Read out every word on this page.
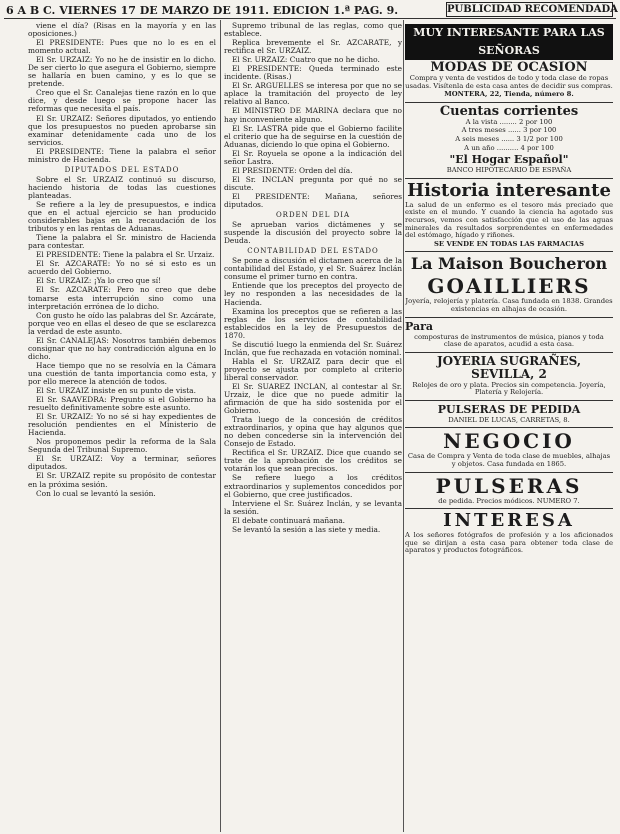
6 A B C. VIERNES 17 DE MARZO DE 1911. EDICION 1.ª PAG. 9.	PUBLICIDAD RECOMENDADA

viene el día? (Risas en la mayoría y en las oposiciones.)

El PRESIDENTE: Pues que no lo es en el momento actual.

El Sr. URZAIZ: Yo no he de insistir en lo dicho. De ser cierto lo que asegura el Gobierno, siempre se hallaría en buen camino, y es lo que se pretende.

Creo que el Sr. Canalejas tiene razón en lo que dice, y desde luego se propone hacer las reformas que necesita el país.

El Sr. URZAIZ: Señores diputados, yo entiendo que los presupuestos no pueden aprobarse sin examinar detenidamente cada uno de los servicios.

El PRESIDENTE: Tiene la palabra el señor ministro de Hacienda.

DIPUTADOS DEL ESTADO

Sobre el Sr. URZAIZ continuó su discurso, haciendo historia de todas las cuestiones planteadas.

Se refiere a la ley de presupuestos, e indica que en el actual ejercicio se han producido considerables bajas en la recaudación de los tributos y en las rentas de Aduanas.

Tiene la palabra el Sr. ministro de Hacienda para contestar.

El PRESIDENTE: Tiene la palabra el Sr. Urzaiz.

El Sr. AZCARATE: Yo no sé si esto es un acuerdo del Gobierno.

El Sr. URZAIZ: ¡Ya lo creo que sí!

El Sr. AZCARATE: Pero no creo que debe tomarse esta interrupción sino como una interpretación errónea de lo dicho.

Con gusto he oído las palabras del Sr. Azcárate, porque veo en ellas el deseo de que se esclarezca la verdad de este asunto.

El Sr. CANALEJAS: Nosotros también debemos consignar que no hay contradicción alguna en lo dicho.

Hace tiempo que no se resolvía en la Cámara una cuestión de tanta importancia como esta, y por ello merece la atención de todos.

El Sr. URZAIZ insiste en su punto de vista.

El Sr. SAAVEDRA: Pregunto si el Gobierno ha resuelto definitivamente sobre este asunto.

El Sr. URZAIZ: Yo no sé si hay expedientes de resolución pendientes en el Ministerio de Hacienda.

Nos proponemos pedir la reforma de la Sala Segunda del Tribunal Supremo.

El Sr. URZAIZ: Voy a terminar, señores diputados.

El Sr. URZAIZ repite su propósito de contestar en la próxima sesión.

Con lo cual se levantó la sesión.

Supremo tribunal de las reglas, como que establece.

Replica brevemente el Sr. AZCARATE, y rectifica el Sr. URZAIZ.

El Sr. URZAIZ: Cuatro que no he dicho.

El PRESIDENTE: Queda terminado este incidente. (Risas.)

El Sr. ARGUELLES se interesa por que no se aplace la tramitación del proyecto de ley relativo al Banco.

El MINISTRO DE MARINA declara que no hay inconveniente alguno.

El Sr. LASTRA pide que el Gobierno facilite el criterio que ha de seguirse en la cuestión de Aduanas, diciendo lo que opina el Gobierno.

El Sr. Royuela se opone a la indicación del señor Lastra.

El PRESIDENTE: Orden del día.

El Sr. INCLAN pregunta por qué no se discute.

El PRESIDENTE: Mañana, señores diputados.

ORDEN DEL DIA

Se aprueban varios dictámenes y se suspende la discusión del proyecto sobre la Deuda.

CONTABILIDAD DEL ESTADO

Se pone a discusión el dictamen acerca de la contabilidad del Estado, y el Sr. Suárez Inclán consume el primer turno en contra.

Entiende que los preceptos del proyecto de ley no responden a las necesidades de la Hacienda.

Examina los preceptos que se refieren a las reglas de los servicios de contabilidad establecidos en la ley de Presupuestos de 1870.

Se discutió luego la enmienda del Sr. Suárez Inclán, que fue rechazada en votación nominal.

Habla el Sr. URZAIZ para decir que el proyecto se ajusta por completo al criterio liberal conservador.

El Sr. SUAREZ INCLAN, al contestar al Sr. Urzaiz, le dice que no puede admitir la afirmación de que ha sido sostenida por el Gobierno.

Trata luego de la concesión de créditos extraordinarios, y opina que hay algunos que no deben concederse sin la intervención del Consejo de Estado.

Rectifica el Sr. URZAIZ. Dice que cuando se trate de la aprobación de los créditos se votarán los que sean precisos.

Se refiere luego a los créditos extraordinarios y suplementos concedidos por el Gobierno, que cree justificados.

Interviene el Sr. Suárez Inclán, y se levanta la sesión.

El debate continuará mañana.

Se levantó la sesión a las siete y media.

MUY INTERESANTE PARA LAS SEÑORAS

MODAS DE OCASION

Compra y venta de vestidos de todo y toda clase de ropas usadas. Visítenla de esta casa antes de decidir sus compras.

MONTERA, 22, Tienda, número 8.

Cuentas corrientes

A la vista ........ 2 por 100

A tres meses ...... 3 por 100

A seis meses ...... 3 1/2 por 100

A un año .......... 4 por 100

"El Hogar Español"

BANCO HIPOTECARIO DE ESPAÑA

Historia interesante

La salud de un enfermo es el tesoro más preciado que existe en el mundo. Y cuando la ciencia ha agotado sus recursos, vemos con satisfacción que el uso de las aguas minerales da resultados sorprendentes en enfermedades del estómago, hígado y riñones.

SE VENDE EN TODAS LAS FARMACIAS

La Maison Boucheron

GOAILLIERS

Joyería, relojería y platería. Casa fundada en 1838. Grandes existencias en alhajas de ocasión.

Para

composturas de instrumentos de música, pianos y toda clase de aparatos, acudid a esta casa.

JOYERIA SUGRAÑES, SEVILLA, 2

Relojes de oro y plata. Precios sin competencia. Joyería, Platería y Relojería.

PULSERAS DE PEDIDA

DANIEL DE LUCAS, CARRETAS, 8.

NEGOCIO

Casa de Compra y Venta de toda clase de muebles, alhajas y objetos. Casa fundada en 1865.

PULSERAS

de pedida. Precios módicos. NUMERO 7.

INTERESA

A los señores fotógrafos de profesión y a los aficionados que se dirijan a esta casa para obtener toda clase de aparatos y productos fotográficos.
